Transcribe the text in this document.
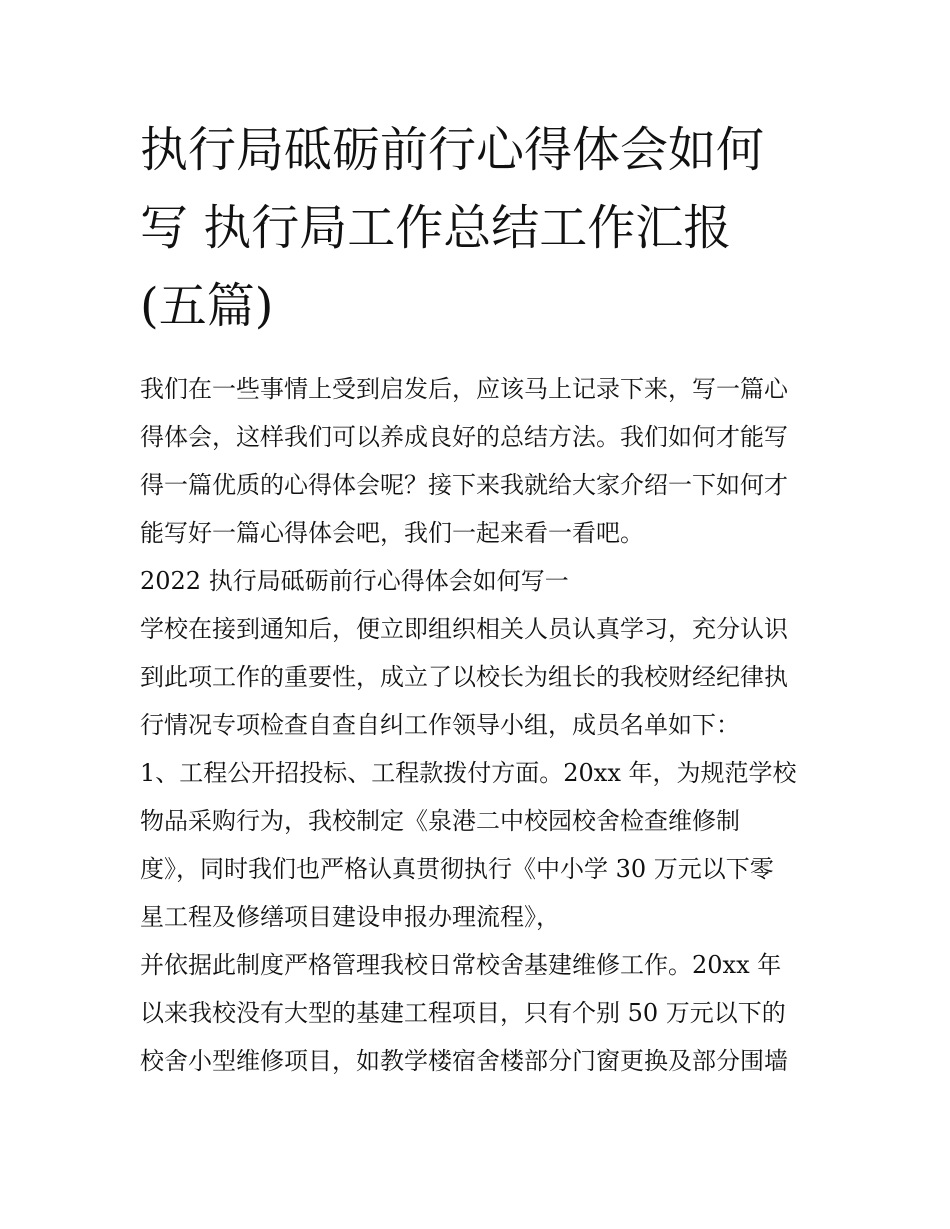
执行局砥砺前行心得体会如何
写 执行局工作总结工作汇报
(五篇)

我们在一些事情上受到启发后，应该马上记录下来，写一篇心
得体会，这样我们可以养成良好的总结方法。我们如何才能写
得一篇优质的心得体会呢？接下来我就给大家介绍一下如何才
能写好一篇心得体会吧，我们一起来看一看吧。

2022 执行局砥砺前行心得体会如何写一

学校在接到通知后，便立即组织相关人员认真学习，充分认识
到此项工作的重要性，成立了以校长为组长的我校财经纪律执
行情况专项检查自查自纠工作领导小组，成员名单如下：
1、工程公开招投标、工程款拨付方面。20xx 年，为规范学校
物品采购行为，我校制定《泉港二中校园校舍检查维修制
度》，同时我们也严格认真贯彻执行《中小学 30 万元以下零
星工程及修缮项目建设申报办理流程》，
并依据此制度严格管理我校日常校舍基建维修工作。20xx 年
以来我校没有大型的基建工程项目，只有个别 50 万元以下的
校舍小型维修项目，如教学楼宿舍楼部分门窗更换及部分围墙
